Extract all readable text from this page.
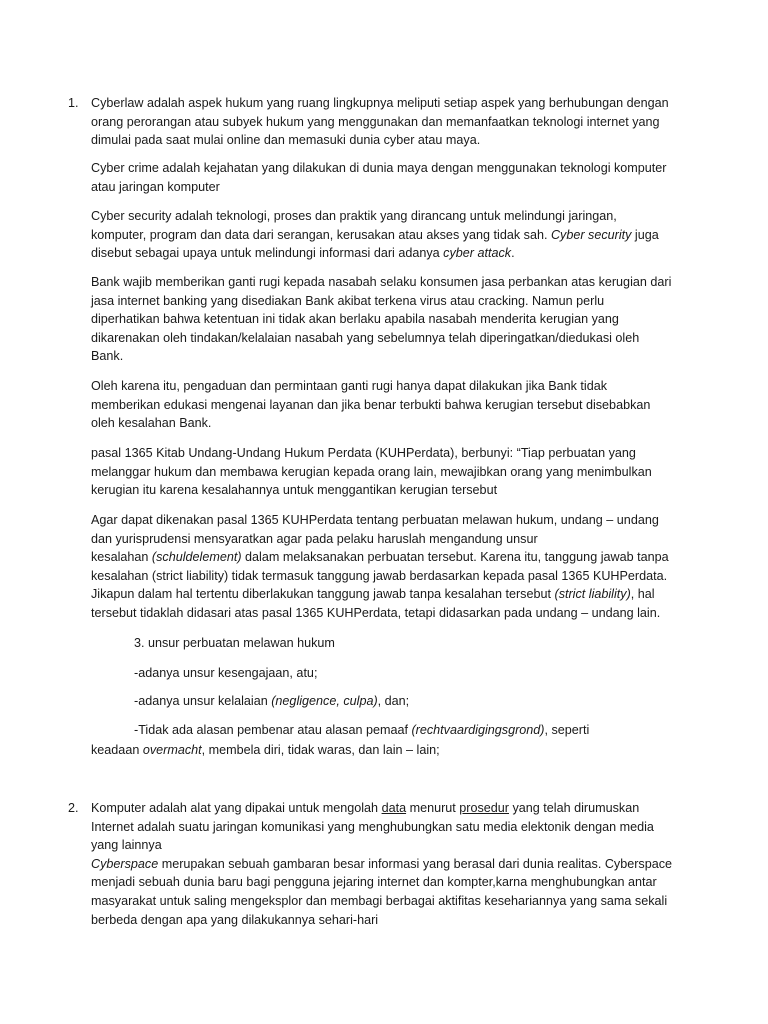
1. Cyberlaw adalah aspek hukum yang ruang lingkupnya meliputi setiap aspek yang berhubungan dengan
orang perorangan atau subyek hukum yang menggunakan dan memanfaatkan teknologi internet yang
dimulai pada saat mulai online dan memasuki dunia cyber atau maya.

Cyber crime adalah kejahatan yang dilakukan di dunia maya dengan menggunakan teknologi komputer
atau jaringan komputer

Cyber security adalah teknologi, proses dan praktik yang dirancang untuk melindungi jaringan,
komputer, program dan data dari serangan, kerusakan atau akses yang tidak sah. Cyber security juga
disebut sebagai upaya untuk melindungi informasi dari adanya cyber attack.

Bank wajib memberikan ganti rugi kepada nasabah selaku konsumen jasa perbankan atas kerugian dari
jasa internet banking yang disediakan Bank akibat terkena virus atau cracking. Namun perlu
diperhatikan bahwa ketentuan ini tidak akan berlaku apabila nasabah menderita kerugian yang
dikarenakan oleh tindakan/kelalaian nasabah yang sebelumnya telah diperingatkan/diedukasi oleh
Bank.

Oleh karena itu, pengaduan dan permintaan ganti rugi hanya dapat dilakukan jika Bank tidak
memberikan edukasi mengenai layanan dan jika benar terbukti bahwa kerugian tersebut disebabkan
oleh kesalahan Bank.

pasal 1365 Kitab Undang-Undang Hukum Perdata (KUHPerdata), berbunyi: “Tiap perbuatan yang
melanggar hukum dan membawa kerugian kepada orang lain, mewajibkan orang yang menimbulkan
kerugian itu karena kesalahannya untuk menggantikan kerugian tersebut

Agar dapat dikenakan pasal 1365 KUHPerdata tentang perbuatan melawan hukum, undang – undang
dan yurisprudensi mensyaratkan agar pada pelaku haruslah mengandung unsur
kesalahan (schuldelement) dalam melaksanakan perbuatan tersebut. Karena itu, tanggung jawab tanpa
kesalahan (strict liability) tidak termasuk tanggung jawab berdasarkan kepada pasal 1365 KUHPerdata.
Jikapun dalam hal tertentu diberlakukan tanggung jawab tanpa kesalahan tersebut (strict liability), hal
tersebut tidaklah didasari atas pasal 1365 KUHPerdata, tetapi didasarkan pada undang – undang lain.

3. unsur perbuatan melawan hukum
-adanya unsur kesengajaan, atu;
-adanya unsur kelalaian (negligence, culpa), dan;
-Tidak ada alasan pembenar atau alasan pemaaf (rechtvaardigingsgrond), seperti
keadaan overmacht, membela diri, tidak waras, dan lain – lain;
2. Komputer adalah alat yang dipakai untuk mengolah data menurut prosedur yang telah dirumuskan
Internet adalah suatu jaringan komunikasi yang menghubungkan satu media elektonik dengan media
yang lainnya
Cyberspace merupakan sebuah gambaran besar informasi yang berasal dari dunia realitas. Cyberspace
menjadi sebuah dunia baru bagi pengguna jejaring internet dan kompter,karna menghubungkan antar
masyarakat untuk saling mengeksplor dan membagi berbagai aktifitas kesehariannya yang sama sekali
berbeda dengan apa yang dilakukannya sehari-hari
